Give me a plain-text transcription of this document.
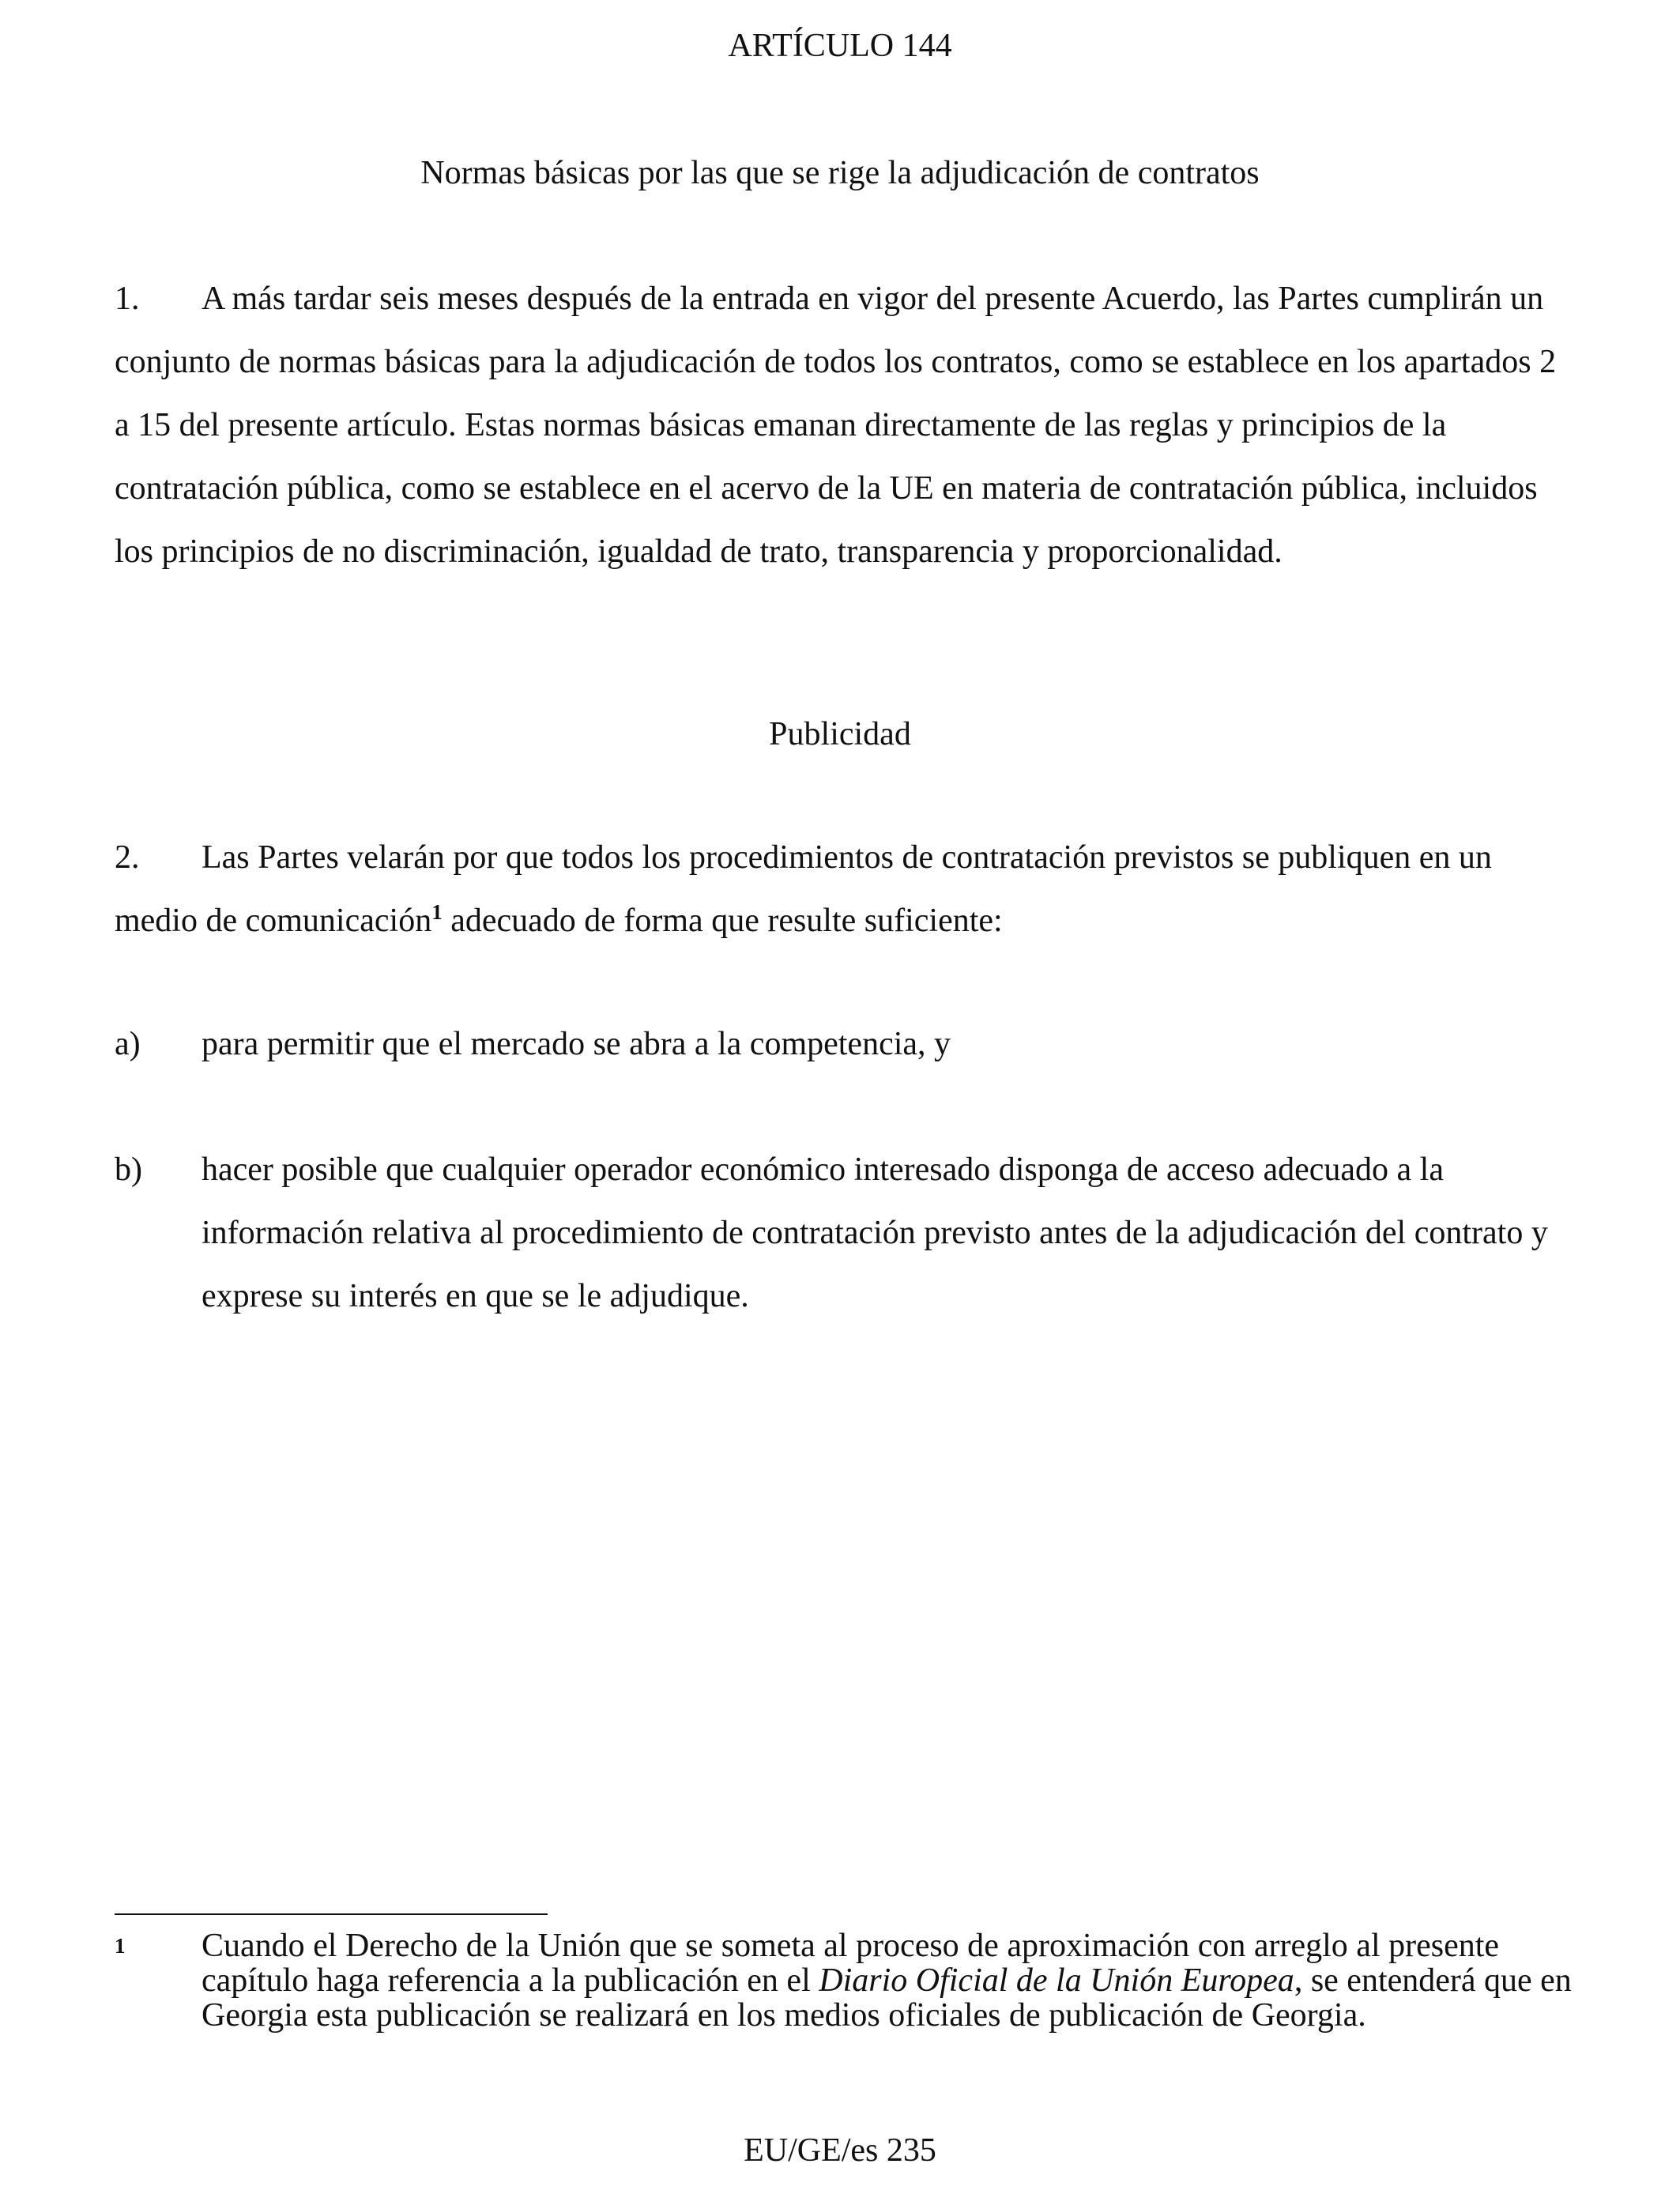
ARTÍCULO 144
Normas básicas por las que se rige la adjudicación de contratos
1. A más tardar seis meses después de la entrada en vigor del presente Acuerdo, las Partes cumplirán un conjunto de normas básicas para la adjudicación de todos los contratos, como se establece en los apartados 2 a 15 del presente artículo. Estas normas básicas emanan directamente de las reglas y principios de la contratación pública, como se establece en el acervo de la UE en materia de contratación pública, incluidos los principios de no discriminación, igualdad de trato, transparencia y proporcionalidad.
Publicidad
2. Las Partes velarán por que todos los procedimientos de contratación previstos se publiquen en un medio de comunicación$^1$ adecuado de forma que resulte suficiente:
a) para permitir que el mercado se abra a la competencia, y
b) hacer posible que cualquier operador económico interesado disponga de acceso adecuado a la información relativa al procedimiento de contratación previsto antes de la adjudicación del contrato y exprese su interés en que se le adjudique.
1 Cuando el Derecho de la Unión que se someta al proceso de aproximación con arreglo al presente capítulo haga referencia a la publicación en el Diario Oficial de la Unión Europea, se entenderá que en Georgia esta publicación se realizará en los medios oficiales de publicación de Georgia.
EU/GE/es 235
